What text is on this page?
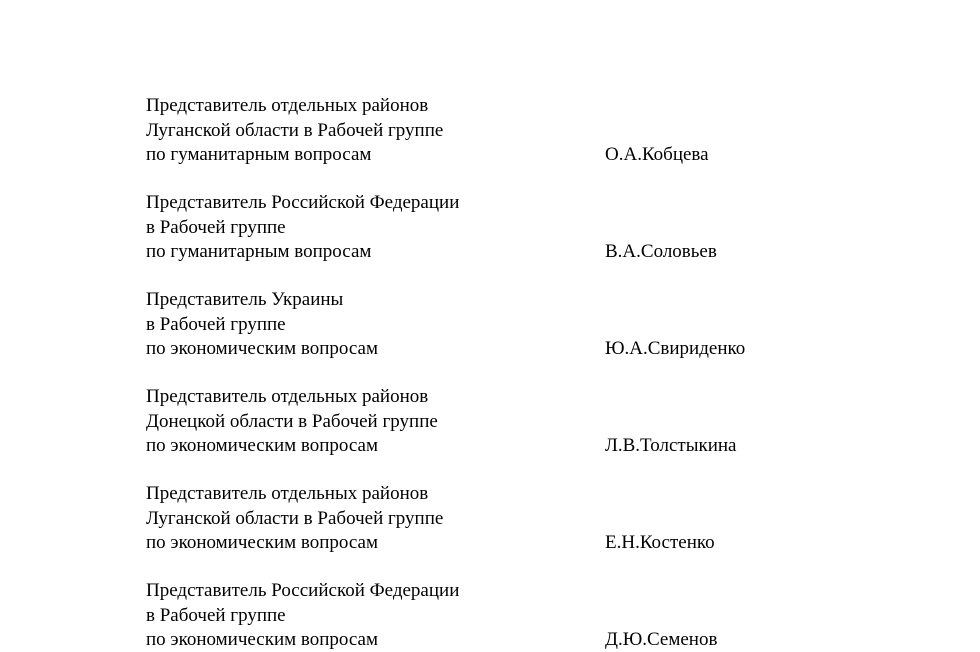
Представитель отдельных районов
Луганской области в Рабочей группе
по гуманитарным вопросам	О.А.Кобцева
Представитель Российской Федерации
в Рабочей группе
по гуманитарным вопросам	В.А.Соловьев
Представитель Украины
в Рабочей группе
по экономическим вопросам	Ю.А.Свириденко
Представитель отдельных районов
Донецкой области в Рабочей группе
по экономическим вопросам	Л.В.Толстыкина
Представитель отдельных районов
Луганской области в Рабочей группе
по экономическим вопросам	Е.Н.Костенко
Представитель Российской Федерации
в Рабочей группе
по экономическим вопросам	Д.Ю.Семенов
